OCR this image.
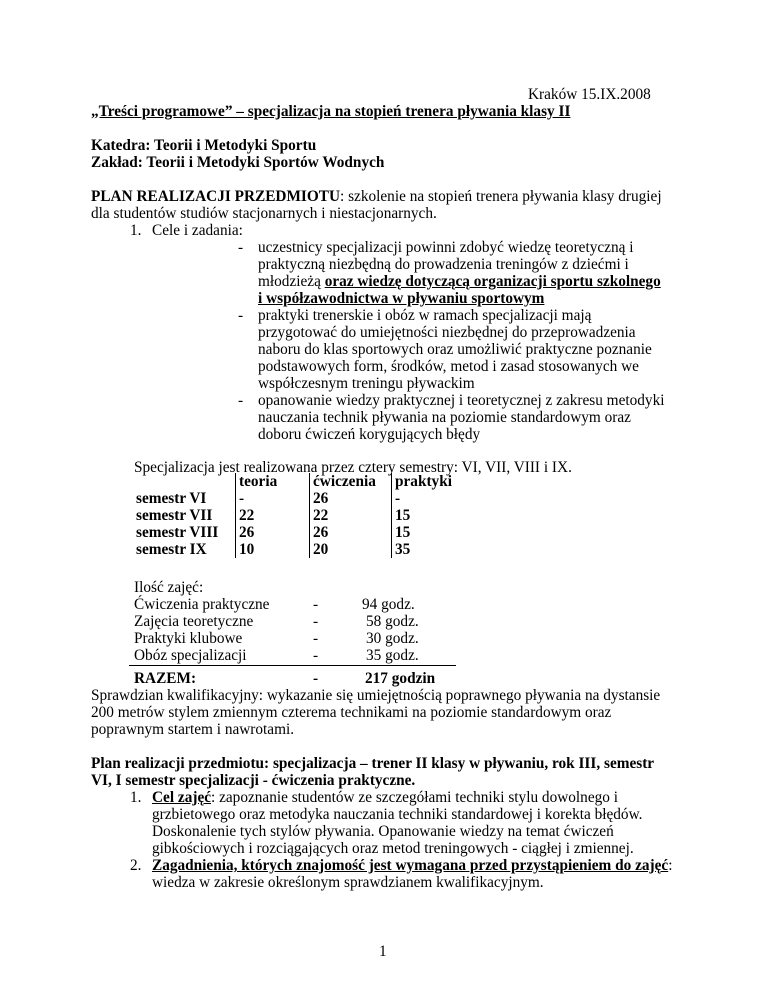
Kraków 15.IX.2008

„Treści programowe” – specjalizacja na stopień trenera pływania klasy II

Katedra: Teorii i Metodyki Sportu

Zakład: Teorii i Metodyki Sportów Wodnych

PLAN REALIZACJI PRZEDMIOTU: szkolenie na stopień trenera pływania klasy drugiej

dla studentów studiów stacjonarnych i niestacjonarnych.

1. Cele i zadania:

- uczestnicy specjalizacji powinni zdobyć wiedzę teoretyczną i

praktyczną niezbędną do prowadzenia treningów z dziećmi i

młodzieżą oraz wiedzę dotyczącą organizacji sportu szkolnego

i współzawodnictwa w pływaniu sportowym

- praktyki trenerskie i obóz w ramach specjalizacji mają

przygotować do umiejętności niezbędnej do przeprowadzenia

naboru do klas sportowych oraz umożliwić praktyczne poznanie

podstawowych form, środków, metod i zasad stosowanych we

współczesnym treningu pływackim

- opanowanie wiedzy praktycznej i teoretycznej z zakresu metodyki

nauczania technik pływania na poziomie standardowym oraz

doboru ćwiczeń korygujących błędy

Specjalizacja jest realizowana przez cztery semestry: VI, VII, VIII i IX.

	teoria	ćwiczenia	praktyki
semestr VI	-	26	-
semestr VII	22	22	15
semestr VIII	26	26	15
semestr IX	10	20	35

Ilość zajęć:

Ćwiczenia praktyczne	-	94 godz.

Zajęcia teoretyczne	-	58 godz.

Praktyki klubowe	-	30 godz.

Obóz specjalizacji	-	35 godz.

RAZEM:	-	217 godzin

Sprawdzian kwalifikacyjny: wykazanie się umiejętnością poprawnego pływania na dystansie

200 metrów stylem zmiennym czterema technikami na poziomie standardowym oraz

poprawnym startem i nawrotami.

Plan realizacji przedmiotu: specjalizacja – trener II klasy w pływaniu, rok III, semestr

VI, I semestr specjalizacji - ćwiczenia praktyczne.

1. Cel zajęć: zapoznanie studentów ze szczegółami techniki stylu dowolnego i

grzbietowego oraz metodyka nauczania techniki standardowej i korekta błędów.

Doskonalenie tych stylów pływania. Opanowanie wiedzy na temat ćwiczeń

gibkościowych i rozciągających oraz metod treningowych - ciągłej i zmiennej.

2. Zagadnienia, których znajomość jest wymagana przed przystąpieniem do zajęć:

wiedza w zakresie określonym sprawdzianem kwalifikacyjnym.

1
